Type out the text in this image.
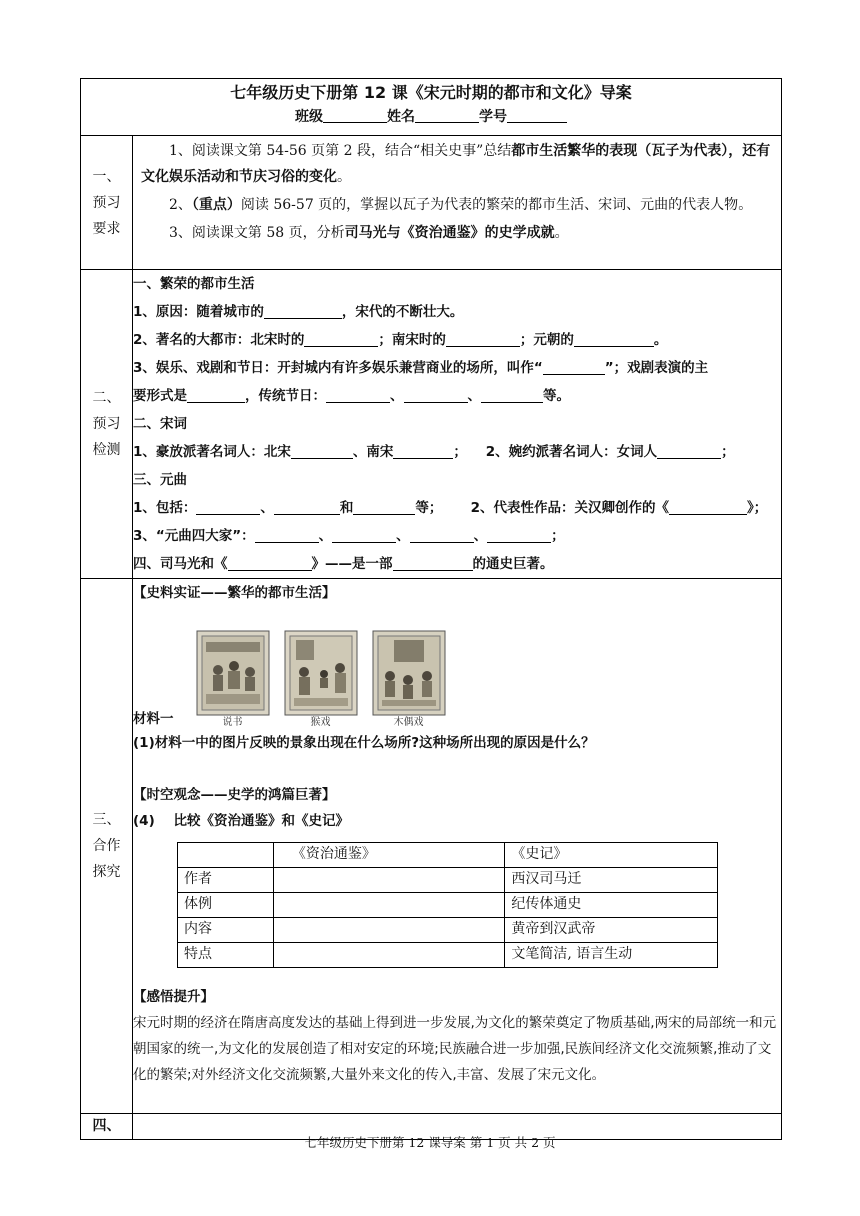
七年级历史下册第 12 课《宋元时期的都市和文化》导案
班级	姓名	学号

一、
预习
要求

1、阅读课文第 54-56 页第 2 段，结合“相关史事”总结都市生活繁华的表现（瓦子为代表），还有文化娱乐活动和节庆习俗的变化。

2、（重点）阅读 56-57 页的，掌握以瓦子为代表的繁荣的都市生活、宋词、元曲的代表人物。

3、阅读课文第 58 页，分析司马光与《资治通鉴》的史学成就。

二、
预习
检测

一、繁荣的都市生活
1、原因：随着城市的	，宋代的不断壮大。
2、著名的大都市：北宋时的	；南宋时的	；元朝的	。
3、娱乐、戏剧和节日：开封城内有许多娱乐兼营商业的场所，叫作“	”；戏剧表演的主
要形式是	，传统节日：	、	、	等。
二、宋词
1、豪放派著名词人：北宋	、南宋	； 2、婉约派著名词人：女词人	；
三、元曲
1、包括：	、	和	等； 2、代表性作品：关汉卿创作的《	》；
3、“元曲四大家”：	、	、	、	；
四、司马光和《	》——是一部	的通史巨著。

三、
合作
探究

【史料实证——繁华的都市生活】
材料一	说书	猴戏	木偶戏
(1)材料一中的图片反映的景象出现在什么场所?这种场所出现的原因是什么？
【时空观念——史学的鸿篇巨著】
(4) 比较《资治通鉴》和《史记》
	《资治通鉴》	《史记》
作者		西汉司马迁
体例		纪传体通史
内容		黄帝到汉武帝
特点		文笔简洁, 语言生动
【感悟提升】
宋元时期的经济在隋唐高度发达的基础上得到进一步发展,为文化的繁荣奠定了物质基础,两宋的局部统一和元朝国家的统一,为文化的发展创造了相对安定的环境;民族融合进一步加强,民族间经济文化交流频繁,推动了文化的繁荣;对外经济文化交流频繁,大量外来文化的传入,丰富、发展了宋元文化。

四、	
七年级历史下册第 12 课导案 第 1 页 共 2 页
